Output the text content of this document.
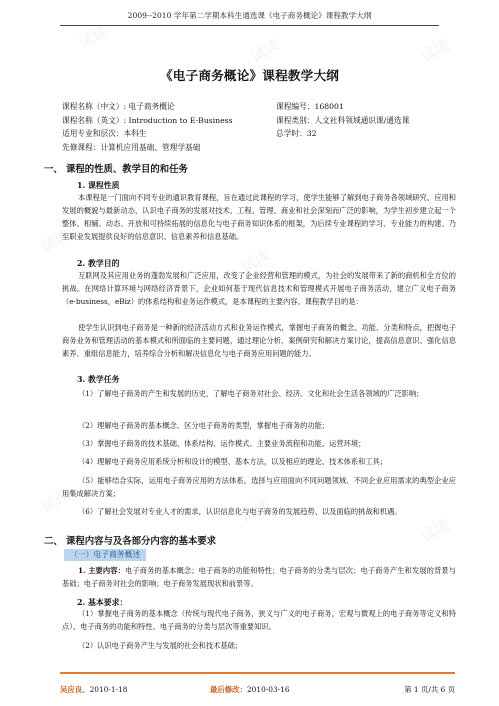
试读	试读	试读
试读
试读
试读
试读	试读
试读
2009--2010 学年第二学期本科生通选课《电子商务概论》课程教学大纲
《电子商务概论》课程教学大纲
课程名称（中文）: 电子商务概论	课程编号：168001
课程名称（英文）: Introduction to E-Business	课程类别：人文社科领域通识课/通选课
适用专业和层次：本科生	总学时：32
先修课程：计算机应用基础、管理学基础
一、 课程的性质、教学目的和任务
1. 课程性质
本课程是一门面向不同专业的通识教育课程，旨在通过此课程的学习，使学生能够了解到电子商务各领域研究、应用和发展的概貌与最新动态，认识电子商务的发展对技术、工程、管理、商业和社会深刻而广泛的影响，为学生初步建立起一个整体、相辅、动态、开放和可持续拓展的信息化与电子商务知识体系的框架，为后续专业课程的学习、专业能力的构建、乃至职业发展提供良好的信息意识、信息素养和信息基础。
2. 教学目的
互联网及其应用业务的蓬勃发展和广泛应用，改变了企业经营和管理的模式，为社会的发展带来了新的商机和全方位的挑战。在网络计算环境与网络经济背景下，企业如何基于现代信息技术和管理模式开展电子商务活动，建立广义电子商务（e-business，eBiz）的体系结构和业务运作模式，是本课程的主要内容。课程教学目的是：
使学生认识到电子商务是一种新的经济活动方式和业务运作模式，掌握电子商务的概念、功能、分类和特点，把握电子商务业务和管理活动的基本模式和所面临的主要问题，通过理论分析、案例研究和解决方案讨论，提高信息意识、强化信息素养、重组信息能力，培养综合分析和解决信息化与电子商务应用问题的能力。
3. 教学任务
（1）了解电子商务的产生和发展的历史，了解电子商务对社会、经济、文化和社会生活各领域的广泛影响；
（2）理解电子商务的基本概念、区分电子商务的类型，掌握电子商务的功能；
（3）掌握电子商务的技术基础、体系结构、运作模式、主要业务流程和功能、运营环境；
（4）理解电子商务应用系统分析和设计的模型、基本方法，以及相应的理论、技术体系和工具；
（5）能够结合实际，运用电子商务应用的方法体系，选择与应用面向不同问题领域、不同企业应用需求的典型企业应用集成解决方案；
（6）了解社会发展对专业人才的需求，认识信息化与电子商务的发展趋势、以及面临的挑战和机遇。
二、 课程内容与及各部分内容的基本要求
（一）电子商务概述
1. 主要内容：电子商务的基本概念；电子商务的功能和特性；电子商务的分类与层次；电子商务产生和发展的背景与基础；电子商务对社会的影响；电子商务发展现状和前景等。
2. 基本要求：
（1）掌握电子商务的基本概念（传统与现代电子商务，狭义与广义的电子商务，宏观与微观上的电子商务等定义和特点）、电子商务的功能和特性、电子商务的分类与层次等重要知识。
（2）认识电子商务产生与发展的社会和技术基础；
吴应良、2010-1-18	最后修改：2010-03-16	第 1 页/共 6 页
